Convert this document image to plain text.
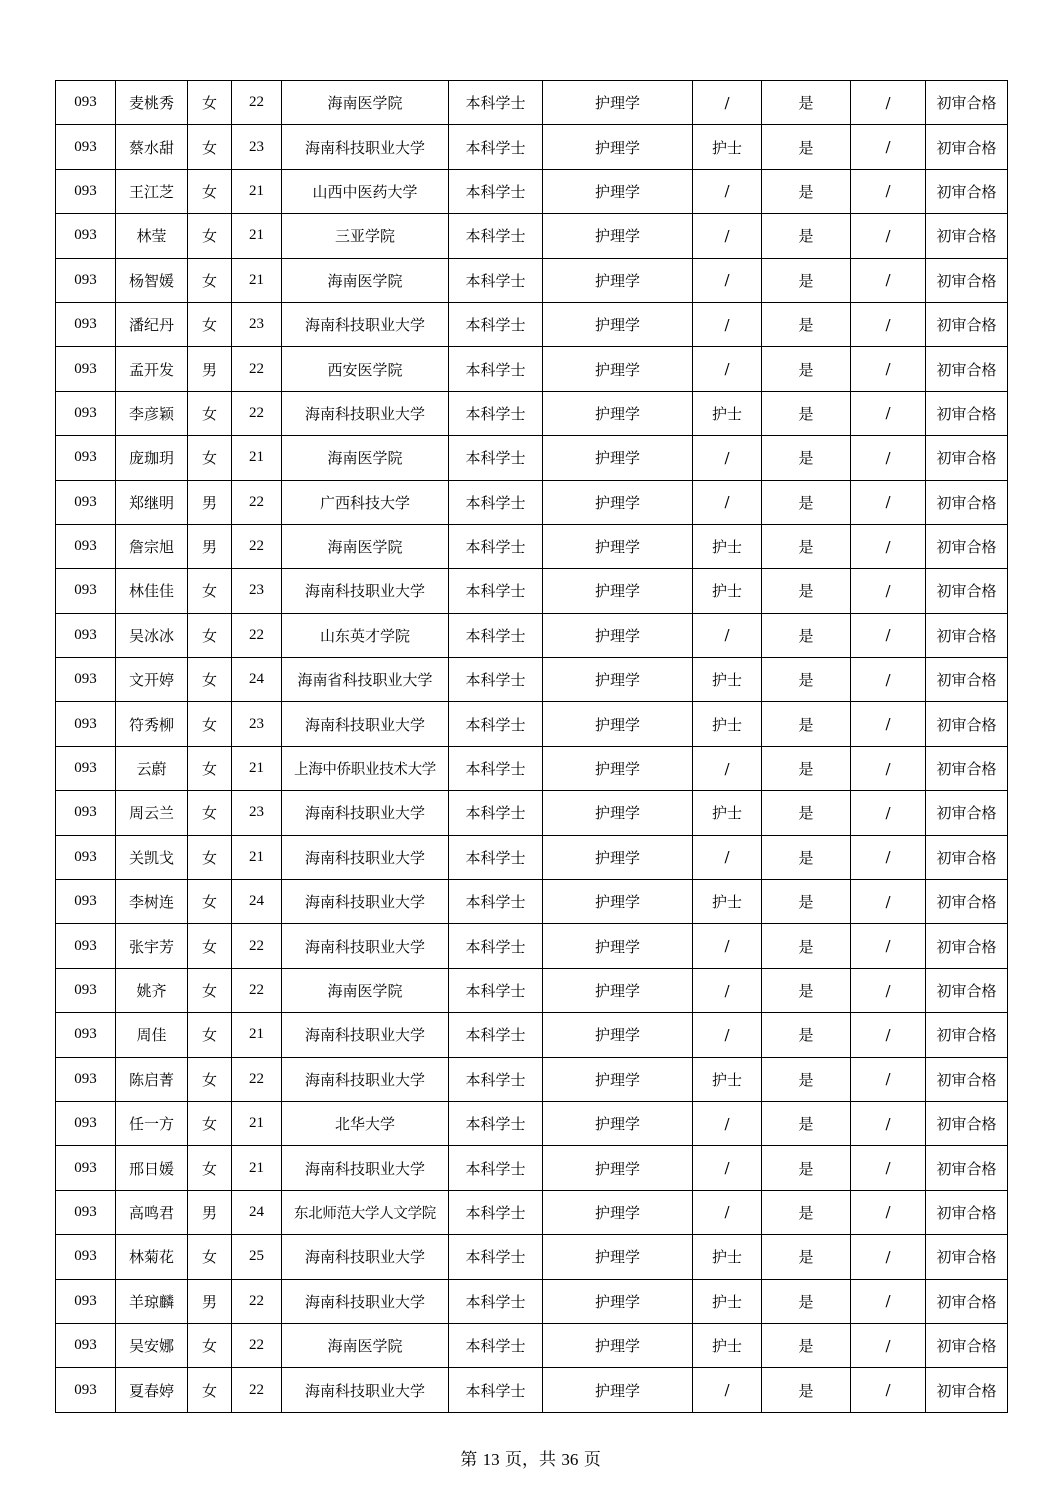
093	麦桃秀	女	22	海南医学院	本科学士	护理学	/	是	/	初审合格
093	蔡水甜	女	23	海南科技职业大学	本科学士	护理学	护士	是	/	初审合格
093	王江芝	女	21	山西中医药大学	本科学士	护理学	/	是	/	初审合格
093	林莹	女	21	三亚学院	本科学士	护理学	/	是	/	初审合格
093	杨智媛	女	21	海南医学院	本科学士	护理学	/	是	/	初审合格
093	潘纪丹	女	23	海南科技职业大学	本科学士	护理学	/	是	/	初审合格
093	孟开发	男	22	西安医学院	本科学士	护理学	/	是	/	初审合格
093	李彦颖	女	22	海南科技职业大学	本科学士	护理学	护士	是	/	初审合格
093	庞珈玥	女	21	海南医学院	本科学士	护理学	/	是	/	初审合格
093	郑继明	男	22	广西科技大学	本科学士	护理学	/	是	/	初审合格
093	詹宗旭	男	22	海南医学院	本科学士	护理学	护士	是	/	初审合格
093	林佳佳	女	23	海南科技职业大学	本科学士	护理学	护士	是	/	初审合格
093	吴冰冰	女	22	山东英才学院	本科学士	护理学	/	是	/	初审合格
093	文开婷	女	24	海南省科技职业大学	本科学士	护理学	护士	是	/	初审合格
093	符秀柳	女	23	海南科技职业大学	本科学士	护理学	护士	是	/	初审合格
093	云蔚	女	21	上海中侨职业技术大学	本科学士	护理学	/	是	/	初审合格
093	周云兰	女	23	海南科技职业大学	本科学士	护理学	护士	是	/	初审合格
093	关凯戈	女	21	海南科技职业大学	本科学士	护理学	/	是	/	初审合格
093	李树连	女	24	海南科技职业大学	本科学士	护理学	护士	是	/	初审合格
093	张宇芳	女	22	海南科技职业大学	本科学士	护理学	/	是	/	初审合格
093	姚齐	女	22	海南医学院	本科学士	护理学	/	是	/	初审合格
093	周佳	女	21	海南科技职业大学	本科学士	护理学	/	是	/	初审合格
093	陈启菁	女	22	海南科技职业大学	本科学士	护理学	护士	是	/	初审合格
093	任一方	女	21	北华大学	本科学士	护理学	/	是	/	初审合格
093	邢日媛	女	21	海南科技职业大学	本科学士	护理学	/	是	/	初审合格
093	高鸣君	男	24	东北师范大学人文学院	本科学士	护理学	/	是	/	初审合格
093	林菊花	女	25	海南科技职业大学	本科学士	护理学	护士	是	/	初审合格
093	羊琼麟	男	22	海南科技职业大学	本科学士	护理学	护士	是	/	初审合格
093	吴安娜	女	22	海南医学院	本科学士	护理学	护士	是	/	初审合格
093	夏春婷	女	22	海南科技职业大学	本科学士	护理学	/	是	/	初审合格
第 13 页，共 36 页
